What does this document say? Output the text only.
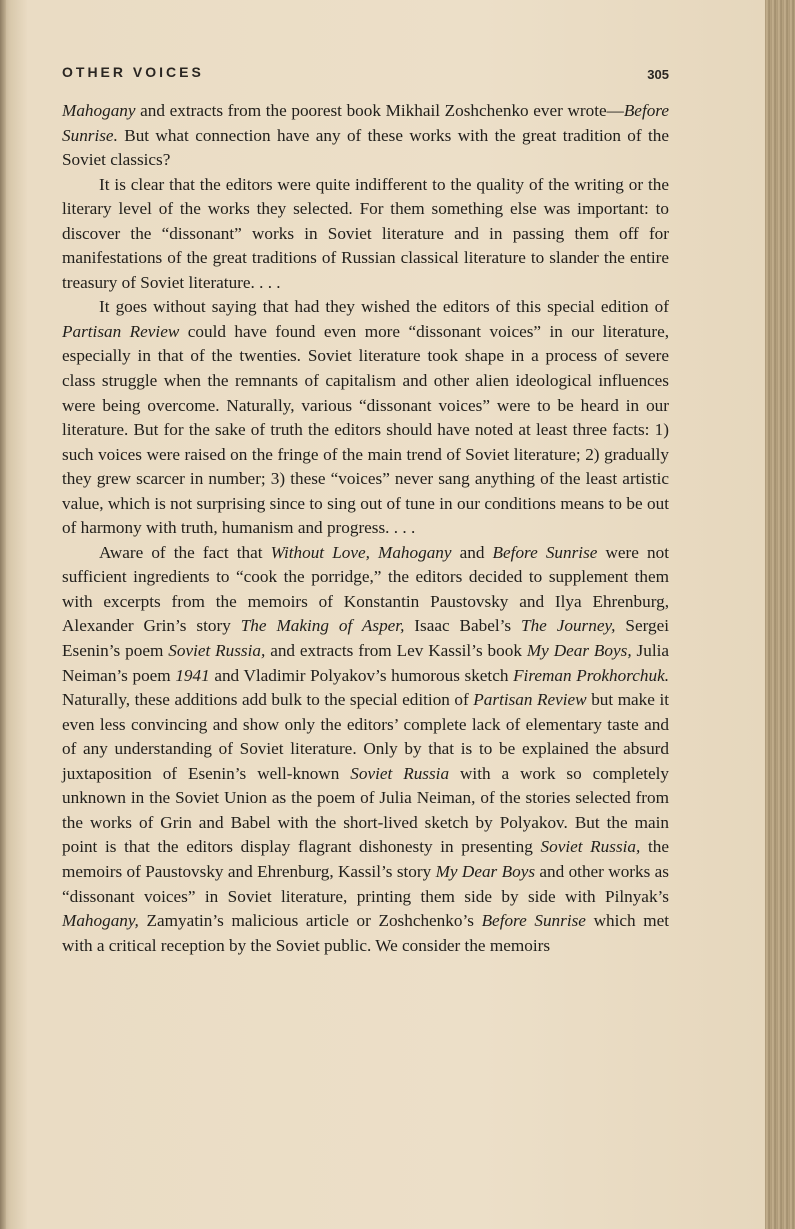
OTHER VOICES	305

Mahogany and extracts from the poorest book Mikhail Zoshchenko ever wrote—Before Sunrise. But what connection have any of these works with the great tradition of the Soviet classics?

It is clear that the editors were quite indifferent to the quality of the writing or the literary level of the works they selected. For them something else was important: to discover the “dissonant” works in Soviet literature and in passing them off for manifestations of the great traditions of Russian classical literature to slander the entire treasury of Soviet literature. . . .

It goes without saying that had they wished the editors of this special edition of Partisan Review could have found even more “dissonant voices” in our literature, especially in that of the twenties. Soviet literature took shape in a process of severe class struggle when the remnants of capitalism and other alien ideological influences were being overcome. Naturally, various “dissonant voices” were to be heard in our literature. But for the sake of truth the editors should have noted at least three facts: 1) such voices were raised on the fringe of the main trend of Soviet literature; 2) gradually they grew scarcer in number; 3) these “voices” never sang anything of the least artistic value, which is not surprising since to sing out of tune in our conditions means to be out of harmony with truth, humanism and progress. . . .

Aware of the fact that Without Love, Mahogany and Before Sunrise were not sufficient ingredients to “cook the porridge,” the editors decided to supplement them with excerpts from the memoirs of Konstantin Paustovsky and Ilya Ehrenburg, Alexander Grin’s story The Making of Asper, Isaac Babel’s The Journey, Sergei Esenin’s poem Soviet Russia, and extracts from Lev Kassil’s book My Dear Boys, Julia Neiman’s poem 1941 and Vladimir Polyakov’s humorous sketch Fireman Prokhorchuk. Naturally, these additions add bulk to the special edition of Partisan Review but make it even less convincing and show only the editors’ complete lack of elementary taste and of any understanding of Soviet literature. Only by that is to be explained the absurd juxtaposition of Esenin’s well-known Soviet Russia with a work so completely unknown in the Soviet Union as the poem of Julia Neiman, of the stories selected from the works of Grin and Babel with the short-lived sketch by Polyakov. But the main point is that the editors display flagrant dishonesty in presenting Soviet Russia, the memoirs of Paustovsky and Ehrenburg, Kassil’s story My Dear Boys and other works as “dissonant voices” in Soviet literature, printing them side by side with Pilnyak’s Mahogany, Zamyatin’s malicious article or Zoshchenko’s Before Sunrise which met with a critical reception by the Soviet public. We consider the memoirs
